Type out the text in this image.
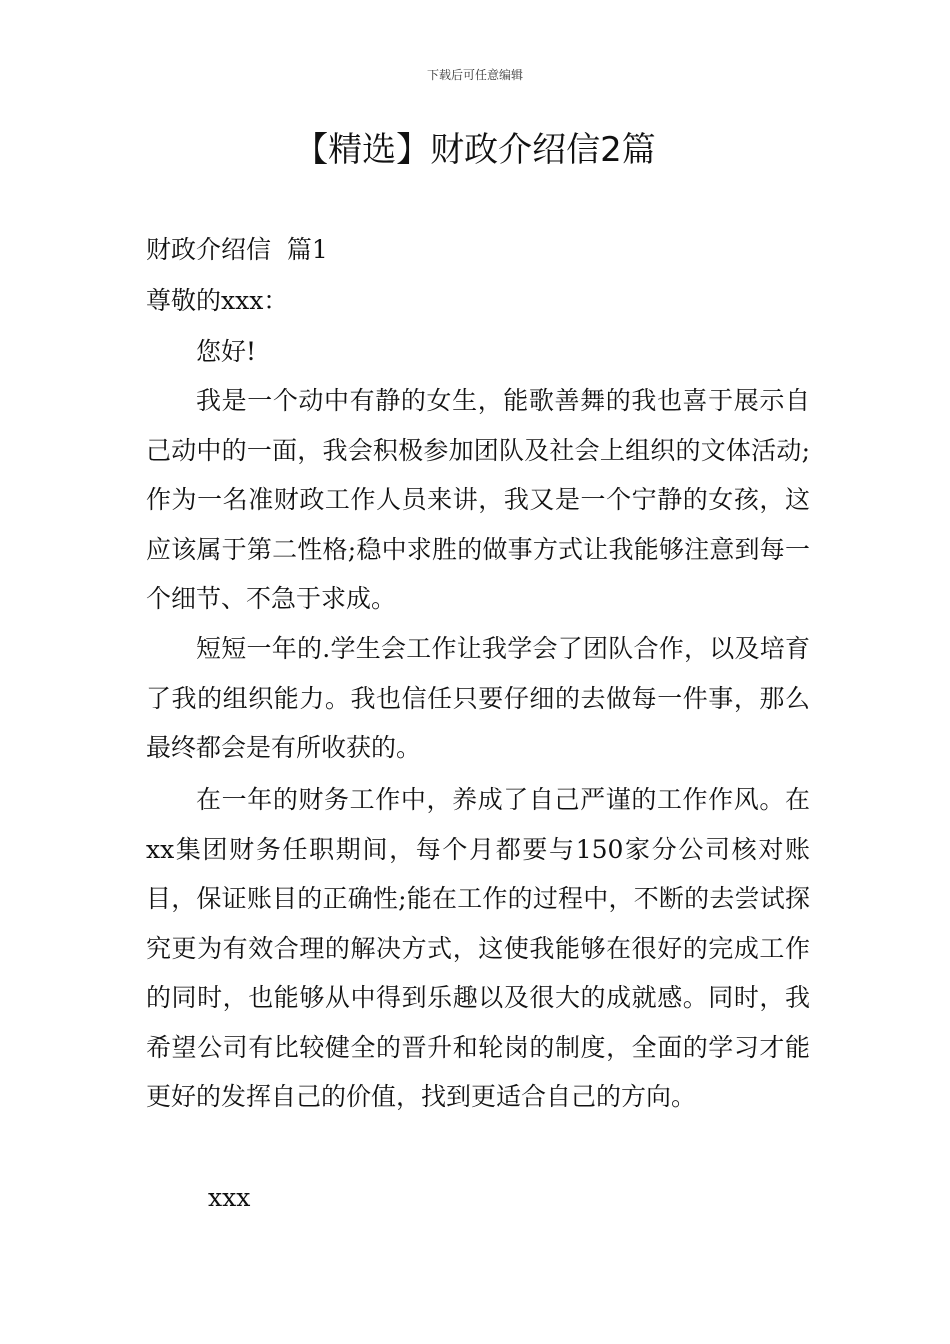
下载后可任意编辑
【精选】财政介绍信2篇
财政介绍信  篇1
尊敬的xxx：
您好!

我是一个动中有静的女生，能歌善舞的我也喜于展示自己动中的一面，我会积极参加团队及社会上组织的文体活动;作为一名准财政工作人员来讲，我又是一个宁静的女孩，这应该属于第二性格;稳中求胜的做事方式让我能够注意到每一个细节、不急于求成。

短短一年的.学生会工作让我学会了团队合作，以及培育了我的组织能力。我也信任只要仔细的去做每一件事，那么最终都会是有所收获的。

在一年的财务工作中，养成了自己严谨的工作作风。在xx集团财务任职期间，每个月都要与150家分公司核对账目，保证账目的正确性;能在工作的过程中，不断的去尝试探究更为有效合理的解决方式，这使我能够在很好的完成工作的同时，也能够从中得到乐趣以及很大的成就感。同时，我希望公司有比较健全的晋升和轮岗的制度，全面的学习才能更好的发挥自己的价值，找到更适合自己的方向。

xxx
